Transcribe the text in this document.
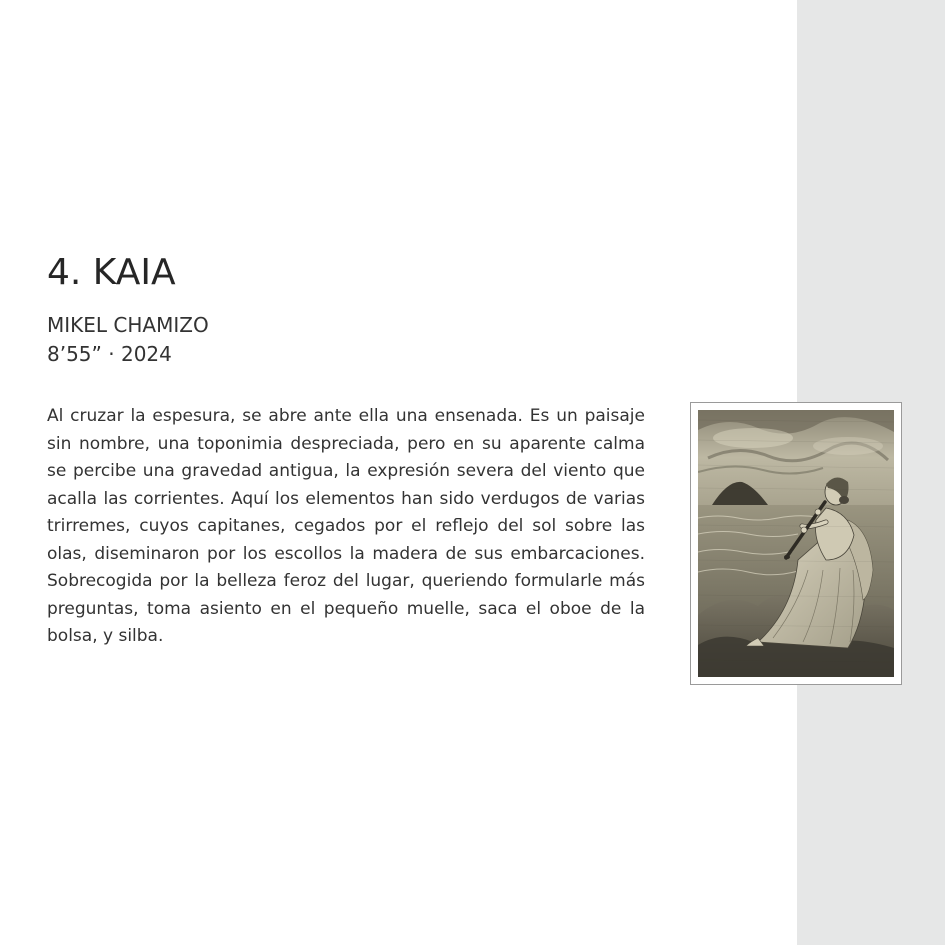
4. KAIA
MIKEL CHAMIZO
8’55” · 2024

Al cruzar la espesura, se abre ante ella una ensenada. Es un paisaje sin nombre, una toponimia despreciada, pero en su aparente calma se percibe una gravedad antigua, la expresión severa del viento que acalla las corrientes. Aquí los elementos han sido verdugos de varias trirremes, cuyos capitanes, cegados por el reflejo del sol sobre las olas, diseminaron por los escollos la madera de sus embarcaciones. Sobrecogida por la belleza feroz del lugar, queriendo formularle más preguntas, toma asiento en el pequeño muelle, saca el oboe de la bolsa, y silba.
